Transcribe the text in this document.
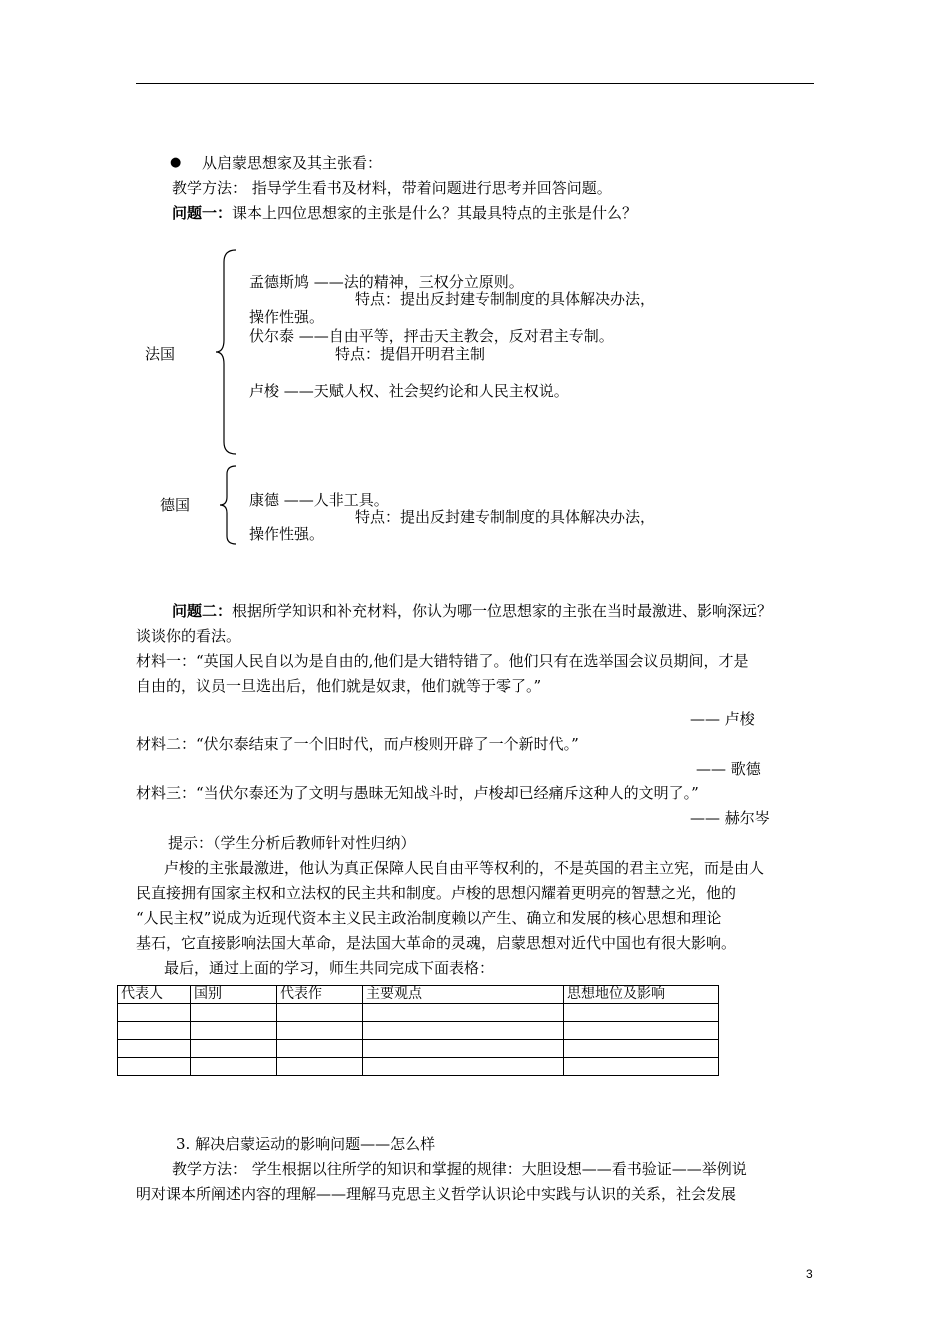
● 从启蒙思想家及其主张看：
教学方法： 指导学生看书及材料，带着问题进行思考并回答问题。
问题一：课本上四位思想家的主张是什么？其最具特点的主张是什么？
法国
孟德斯鸠 ——法的精神，三权分立原则。
特点：提出反封建专制制度的具体解决办法，
操作性强。
伏尔泰 ——自由平等，抨击天主教会，反对君主专制。
特点：提倡开明君主制
卢梭 ——天赋人权、社会契约论和人民主权说。
德国	康德 ——人非工具。
特点：提出反封建专制制度的具体解决办法，
操作性强。
问题二：根据所学知识和补充材料，你认为哪一位思想家的主张在当时最激进、影响深远？
谈谈你的看法。
材料一：“英国人民自以为是自由的,他们是大错特错了。他们只有在选举国会议员期间，才是
自由的，议员一旦选出后，他们就是奴隶，他们就等于零了。”
—— 卢梭
材料二：“伏尔泰结束了一个旧时代，而卢梭则开辟了一个新时代。”
—— 歌德
材料三：“当伏尔泰还为了文明与愚昧无知战斗时，卢梭却已经痛斥这种人的文明了。”
—— 赫尔岑
提示：（学生分析后教师针对性归纳）
卢梭的主张最激进，他认为真正保障人民自由平等权利的，不是英国的君主立宪，而是由人
民直接拥有国家主权和立法权的民主共和制度。卢梭的思想闪耀着更明亮的智慧之光，他的
“人民主权”说成为近现代资本主义民主政治制度赖以产生、确立和发展的核心思想和理论
基石，它直接影响法国大革命，是法国大革命的灵魂，启蒙思想对近代中国也有很大影响。
最后，通过上面的学习，师生共同完成下面表格：
代表人	国别	代表作	主要观点	思想地位及影响

3. 解决启蒙运动的影响问题——怎么样
教学方法： 学生根据以往所学的知识和掌握的规律：大胆设想——看书验证——举例说
明对课本所阐述内容的理解——理解马克思主义哲学认识论中实践与认识的关系，社会发展
3
